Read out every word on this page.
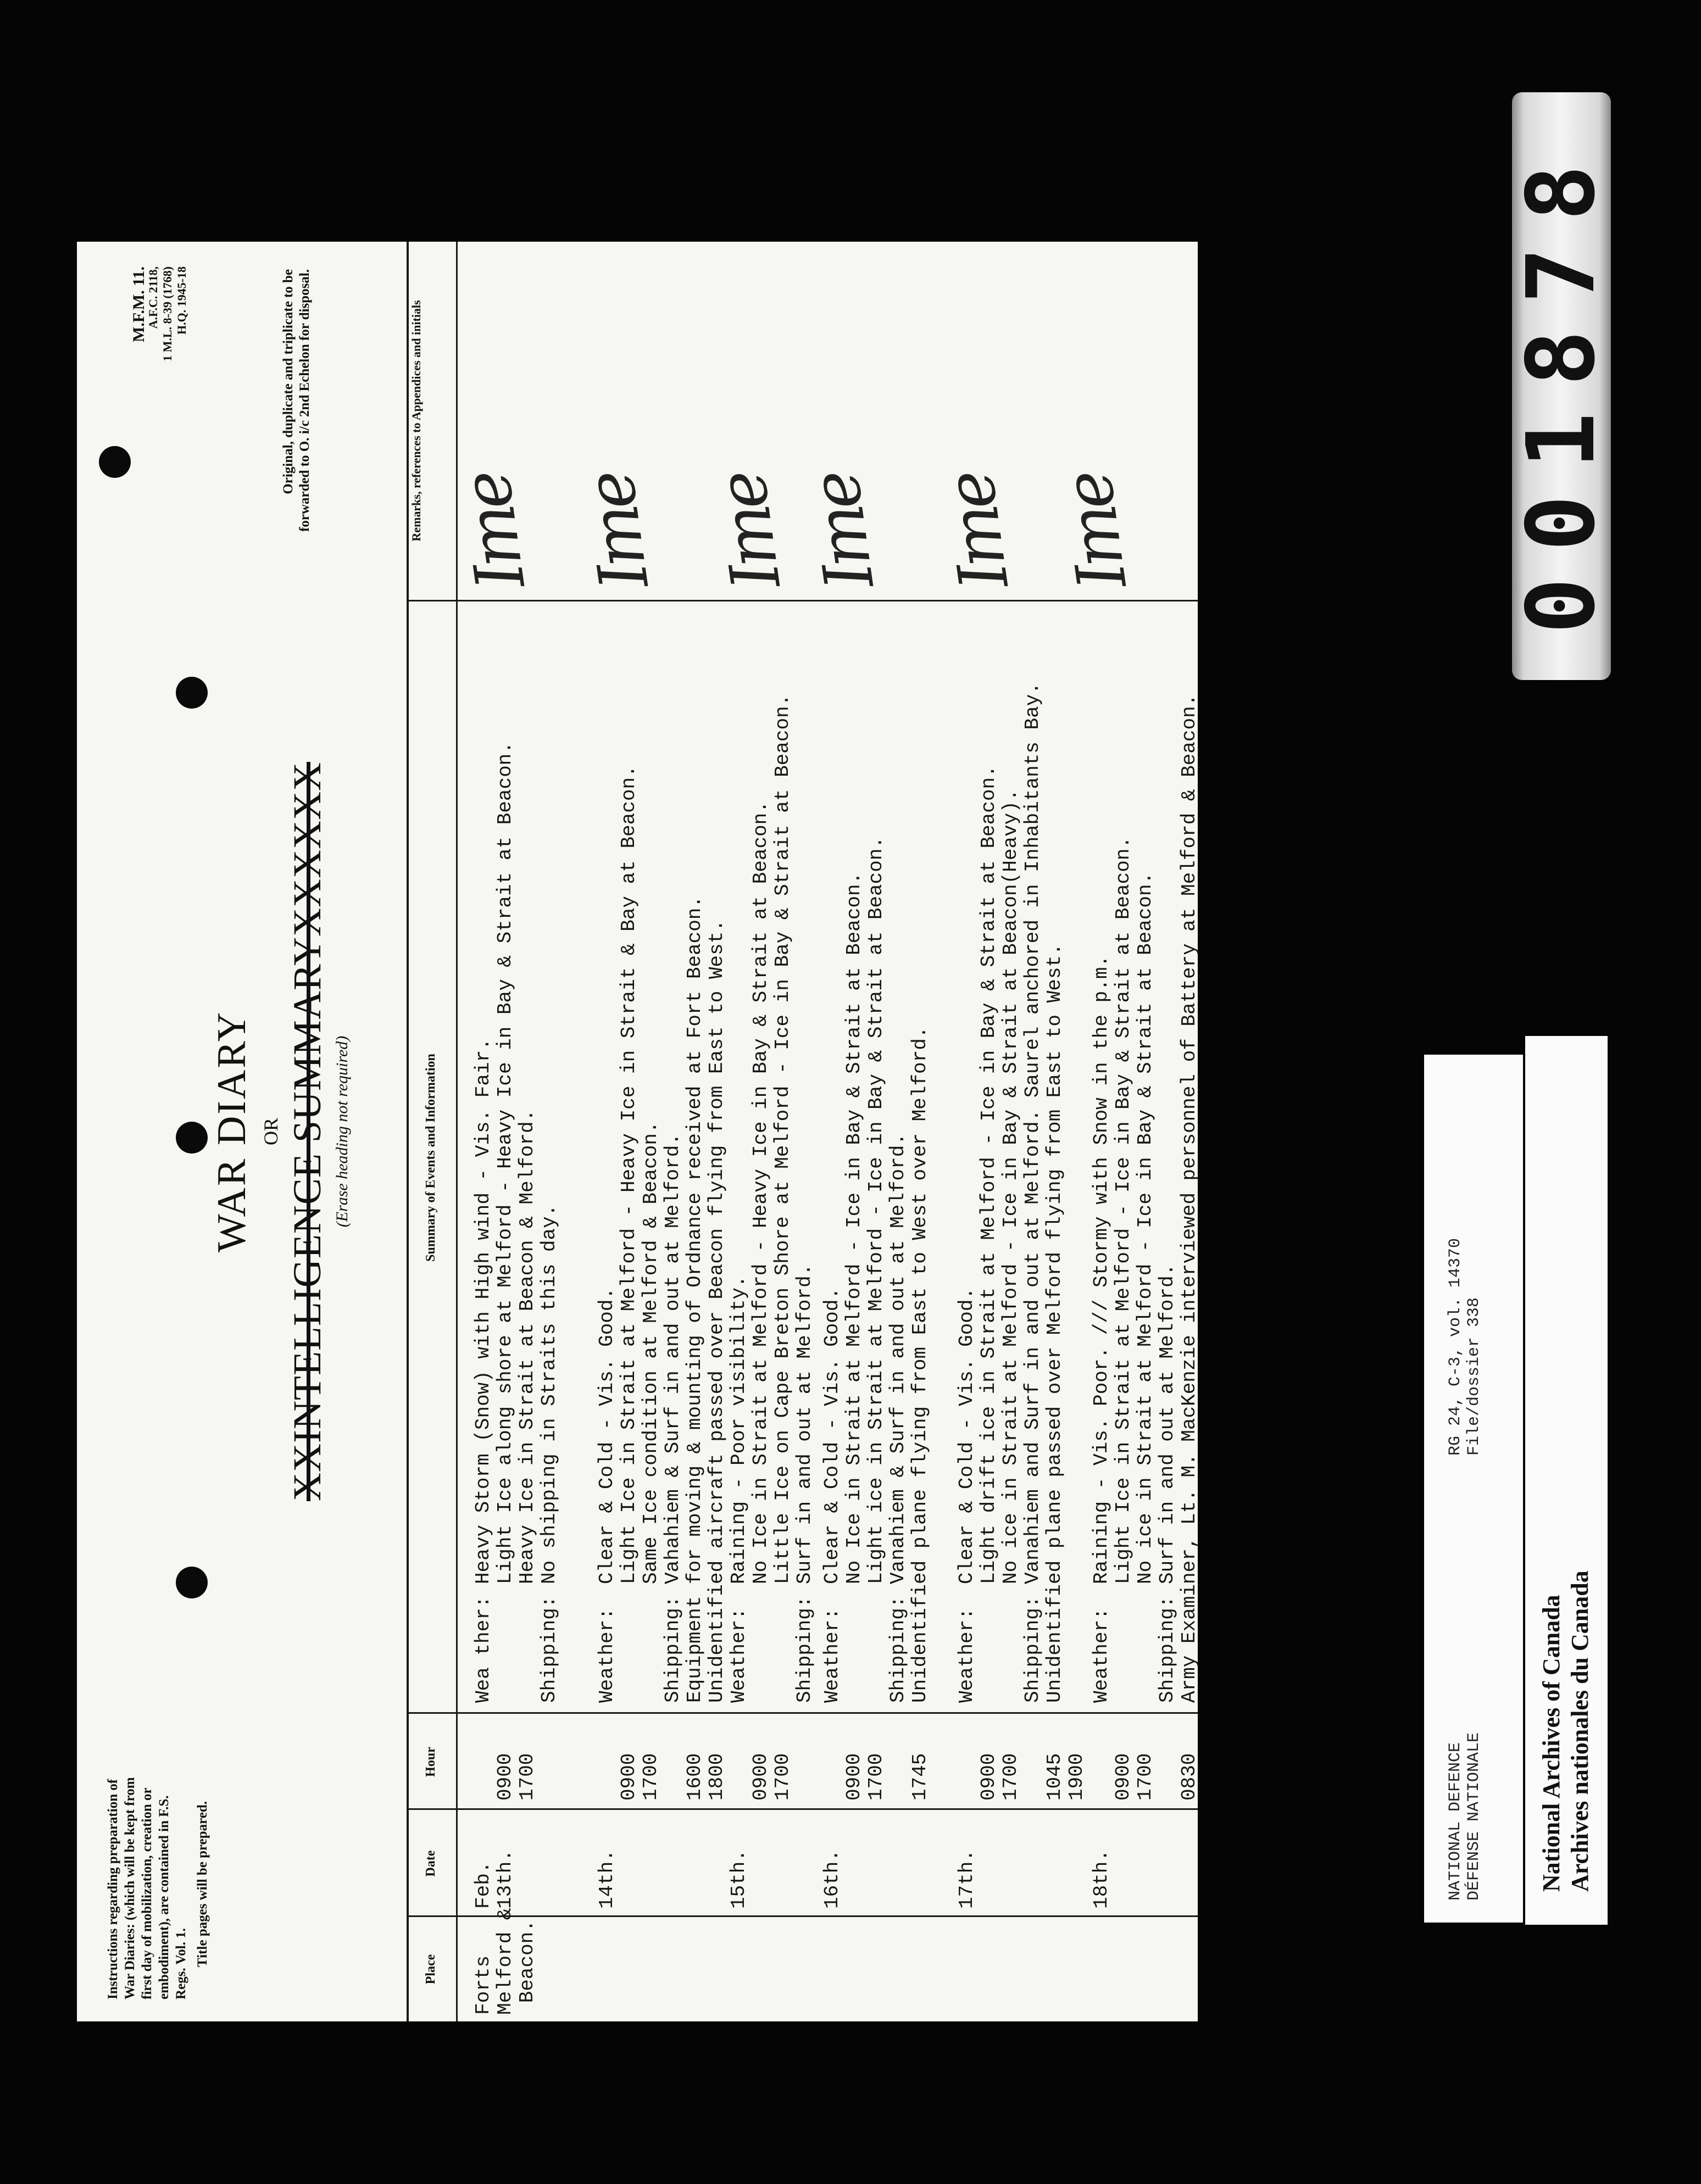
Instructions regarding preparation of War Diaries: (which will be kept from first day of mobilization, creation or embodiment), are contained in F.S. Regs. Vol. 1. Title pages will be prepared.
WAR DIARY OR
XXINTELLIGENCE SUMMARYXXXXXX
(Erase heading not required)
M.F.M. 11.
A.F.C. 2118, 1 M.L. 8-39 (1768) H.Q. 1945-18	Original, duplicate and triplicate to be forwarded to O. i/c 2nd Echelon for disposal.
Place
Date
Hour
Summary of Events and Information
Remarks, references to Appendices and initials
Forts
Melford &
Beacon.
Feb.
13th.

0900
1700
Wea ther: Heavy Storm (Snow) with High wind - Vis. Fair.
Light Ice along shore at Melford - Heavy Ice in Bay & Strait at Beacon.
Heavy Ice in Strait at Beacon & Melford.
Shipping: No shipping in Straits this day.
Ime
14th.

0900
1700

1600
1800
Weather:  Clear & Cold - Vis. Good.
Light Ice in Strait at Melford - Heavy Ice in Strait & Bay at Beacon.
Same Ice condition at Melford & Beacon.
Shipping: Vahahiem & Surf in and out at Melford.
Equipment for moving & mounting of Ordnance received at Fort Beacon.
Unidentified aircraft passed over Beacon flying from East to West.
Ime
15th.

0900
1700
Weather:  Raining - Poor visibility.
No Ice in Strait at Melford - Heavy Ice in Bay & Strait at Beacon.
Little Ice on Cape Breton Shore at Melford - Ice in Bay & Strait at Beacon.
Shipping: Surf in and out at Melford.
Ime
16th.

0900
1700

1745
Weather:  Clear & Cold - Vis. Good.
No Ice in Strait at Melford - Ice in Bay & Strait at Beacon.
Light ice in Strait at Melford - Ice in Bay & Strait at Beacon.
Shipping: Vanahiem & Surf in and out at Melford.
Unidentified plane flying from East to West over Melford.
Ime
17th.

0900
1700

1045
1900
Weather:  Clear & Cold - Vis. Good.
Light drift ice in Strait at Melford - Ice in Bay & Strait at Beacon.
No ice in Strait at Melford - Ice in Bay & Strait at Beacon(Heavy).
Shipping: Vanahiem and Surf in and out at Melford. Saurel anchored in Inhabitants Bay.
Unidentified plane passed over Melford flying from East to West.
Ime
18th.

0900
1700

0830
Weather:  Raining - Vis. Poor. /// Stormy with Snow in the p.m.
Light Ice in Strait at Melford - Ice in Bay & Strait at Beacon.
No ice in Strait at Melford - Ice in Bay & Strait at Beacon.
Shipping: Surf in and out at Melford.
Army Examiner, Lt. M. MacKenzie interviewed personnel of Battery at Melford & Beacon.
Ime	001878
NATIONAL DEFENCE DÉFENSE NATIONALE
RG 24, C-3, vol. 14370 File/dossier 338
National Archives of Canada Archives nationales du Canada
